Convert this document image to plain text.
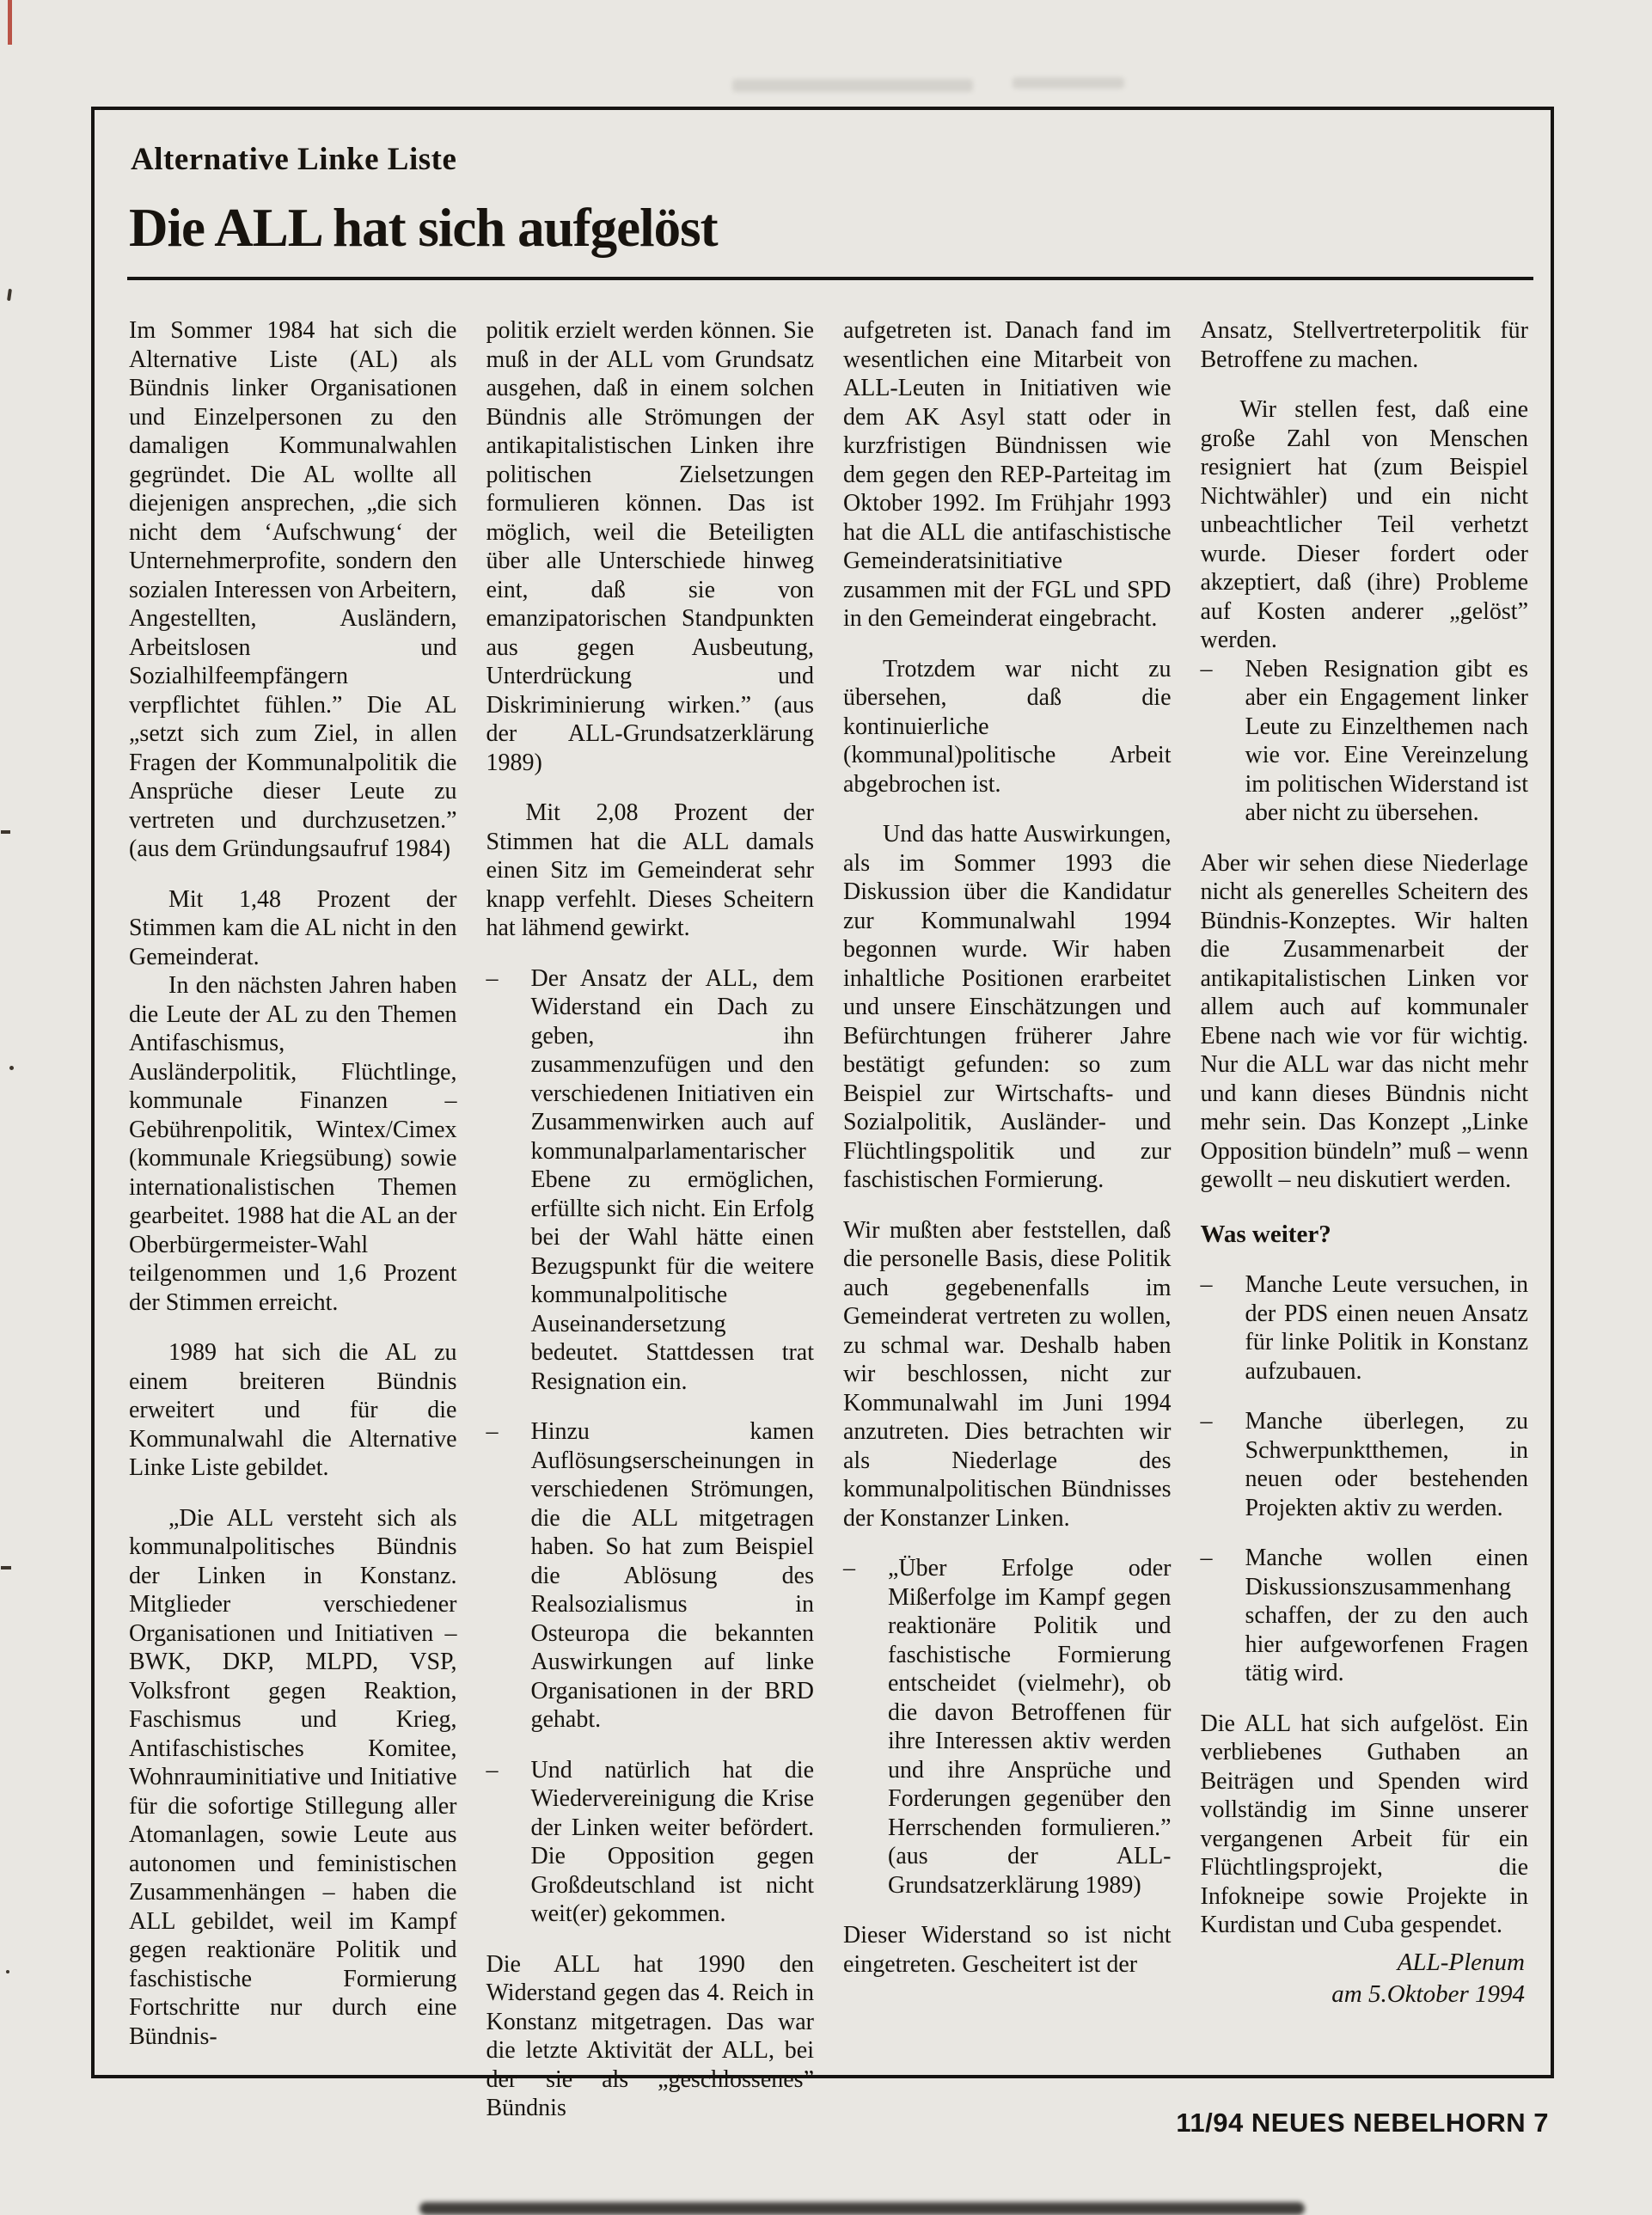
Alternative Linke Liste
Die ALL hat sich aufgelöst

Im Sommer 1984 hat sich die Alternative Liste (AL) als Bündnis linker Organisationen und Einzelpersonen zu den damaligen Kommunalwahlen gegründet. Die AL wollte all diejenigen ansprechen, „die sich nicht dem ‘Aufschwung‘ der Unternehmerprofite, sondern den sozialen Interessen von Arbeitern, Angestellten, Ausländern, Arbeitslosen und Sozialhilfeempfängern verpflichtet fühlen.” Die AL „setzt sich zum Ziel, in allen Fragen der Kommunalpolitik die Ansprüche dieser Leute zu vertreten und durchzusetzen.” (aus dem Gründungsaufruf 1984)

Mit 1,48 Prozent der Stimmen kam die AL nicht in den Gemeinderat.

In den nächsten Jahren haben die Leute der AL zu den Themen Antifaschismus, Ausländerpolitik, Flüchtlinge, kommunale Finanzen – Gebührenpolitik, Wintex/Cimex (kommunale Kriegsübung) sowie internationalistischen Themen gearbeitet. 1988 hat die AL an der Oberbürgermeister-Wahl teilgenommen und 1,6 Prozent der Stimmen erreicht.

1989 hat sich die AL zu einem breiteren Bündnis erweitert und für die Kommunalwahl die Alternative Linke Liste gebildet.

„Die ALL versteht sich als kommunalpolitisches Bündnis der Linken in Konstanz. Mitglieder verschiedener Organisationen und Initiativen – BWK, DKP, MLPD, VSP, Volksfront gegen Reaktion, Faschismus und Krieg, Antifaschistisches Komitee, Wohnrauminitiative und Initiative für die sofortige Stillegung aller Atomanlagen, sowie Leute aus autonomen und feministischen Zusammenhängen – haben die ALL gebildet, weil im Kampf gegen reaktionäre Politik und faschistische Formierung Fortschritte nur durch eine Bündnis-

politik erzielt werden können. Sie muß in der ALL vom Grundsatz ausgehen, daß in einem solchen Bündnis alle Strömungen der antikapitalistischen Linken ihre politischen Zielsetzungen formulieren können. Das ist möglich, weil die Beteiligten über alle Unterschiede hinweg eint, daß sie von emanzipatorischen Standpunkten aus gegen Ausbeutung, Unterdrückung und Diskriminierung wirken.” (aus der ALL-Grundsatzerklärung 1989)

Mit 2,08 Prozent der Stimmen hat die ALL damals einen Sitz im Gemeinderat sehr knapp verfehlt. Dieses Scheitern hat lähmend gewirkt.

–	Der Ansatz der ALL, dem Widerstand ein Dach zu geben, ihn zusammenzufügen und den verschiedenen Initiativen ein Zusammenwirken auch auf kommunalparlamentarischer Ebene zu ermöglichen, erfüllte sich nicht. Ein Erfolg bei der Wahl hätte einen Bezugspunkt für die weitere kommunalpolitische Auseinandersetzung bedeutet. Stattdessen trat Resignation ein.
–	Hinzu kamen Auflösungserscheinungen in verschiedenen Strömungen, die die ALL mitgetragen haben. So hat zum Beispiel die Ablösung des Realsozialismus in Osteuropa die bekannten Auswirkungen auf linke Organisationen in der BRD gehabt.
–	Und natürlich hat die Wiedervereinigung die Krise der Linken weiter befördert. Die Opposition gegen Großdeutschland ist nicht weit(er) gekommen.

Die ALL hat 1990 den Widerstand gegen das 4. Reich in Konstanz mitgetragen. Das war die letzte Aktivität der ALL, bei der sie als „geschlossenes” Bündnis

aufgetreten ist. Danach fand im wesentlichen eine Mitarbeit von ALL-Leuten in Initiativen wie dem AK Asyl statt oder in kurzfristigen Bündnissen wie dem gegen den REP-Parteitag im Oktober 1992. Im Frühjahr 1993 hat die ALL die antifaschistische Gemeinderatsinitiative zusammen mit der FGL und SPD in den Gemeinderat eingebracht.

Trotzdem war nicht zu übersehen, daß die kontinuierliche (kommunal)politische Arbeit abgebrochen ist.

Und das hatte Auswirkungen, als im Sommer 1993 die Diskussion über die Kandidatur zur Kommunalwahl 1994 begonnen wurde. Wir haben inhaltliche Positionen erarbeitet und unsere Einschätzungen und Befürchtungen früherer Jahre bestätigt gefunden: so zum Beispiel zur Wirtschafts- und Sozialpolitik, Ausländer- und Flüchtlingspolitik und zur faschistischen Formierung.

Wir mußten aber feststellen, daß die personelle Basis, diese Politik auch gegebenenfalls im Gemeinderat vertreten zu wollen, zu schmal war. Deshalb haben wir beschlossen, nicht zur Kommunalwahl im Juni 1994 anzutreten. Dies betrachten wir als Niederlage des kommunalpolitischen Bündnisses der Konstanzer Linken.

–	„Über Erfolge oder Mißerfolge im Kampf gegen reaktionäre Politik und faschistische Formierung entscheidet (vielmehr), ob die davon Betroffenen für ihre Interessen aktiv werden und ihre Ansprüche und Forderungen gegenüber den Herrschenden formulieren.” (aus der ALL-Grundsatzerklärung 1989)

Dieser Widerstand so ist nicht eingetreten. Gescheitert ist der

Ansatz, Stellvertreterpolitik für Betroffene zu machen.

Wir stellen fest, daß eine große Zahl von Menschen resigniert hat (zum Beispiel Nichtwähler) und ein nicht unbeachtlicher Teil verhetzt wurde. Dieser fordert oder akzeptiert, daß (ihre) Probleme auf Kosten anderer „gelöst” werden.

–	Neben Resignation gibt es aber ein Engagement linker Leute zu Einzelthemen nach wie vor. Eine Vereinzelung im politischen Widerstand ist aber nicht zu übersehen.

Aber wir sehen diese Niederlage nicht als generelles Scheitern des Bündnis-Konzeptes. Wir halten die Zusammenarbeit der antikapitalistischen Linken vor allem auch auf kommunaler Ebene nach wie vor für wichtig. Nur die ALL war das nicht mehr und kann dieses Bündnis nicht mehr sein. Das Konzept „Linke Opposition bündeln” muß – wenn gewollt – neu diskutiert werden.

Was weiter?
–	Manche Leute versuchen, in der PDS einen neuen Ansatz für linke Politik in Konstanz aufzubauen.
–	Manche überlegen, zu Schwerpunktthemen, in neuen oder bestehenden Projekten aktiv zu werden.
–	Manche wollen einen Diskussionszusammenhang schaffen, der zu den auch hier aufgeworfenen Fragen tätig wird.

Die ALL hat sich aufgelöst. Ein verbliebenes Guthaben an Beiträgen und Spenden wird vollständig im Sinne unserer vergangenen Arbeit für ein Flüchtlingsprojekt, die Infokneipe sowie Projekte in Kurdistan und Cuba gespendet.

ALL-Plenum
am 5.Oktober 1994
11/94 NEUES NEBELHORN 7
